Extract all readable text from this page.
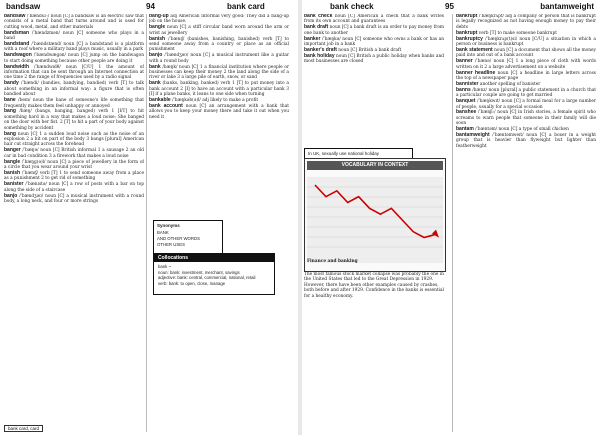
bandsaw	94	bank card	bank check	95	bantamweight

bandsaw /ˈbændsɔː/ noun [C] a bandsaw is an electric saw that consists of a metal band that turns around and is used for cutting wood, metal, and other materials

bandsman /ˈbændzmən/ noun [C] someone who plays in a band

bandstand /ˈbændstænd/ noun [C] a bandstand is a platform with a roof where a military band plays music, usually in a park

bandwagon /ˈbændwæɡən/ noun [C] jump on the bandwagon to start doing something because other people are doing it

bandwidth /ˈbændwɪdθ/ noun [C/U] 1 the amount of information that can be sent through an Internet connection at one time 2 the range of frequencies used by a radio signal

bandy /ˈbændi/ (bandies, bandying, bandied) verb [T] to talk about something in an informal way: a figure that is often bandied about

bane /beɪn/ noun the bane of someone's life something that frequently makes them feel unhappy or annoyed

bang /bæŋ/ (bangs, banging, banged) verb 1 [I/T] to hit something hard in a way that makes a loud noise: She banged on the door with her fist. 2 [T] to hit a part of your body against something by accident

bang noun [C] 1 a sudden loud noise such as the noise of an explosion 2 a hit on part of the body 3 bangs [plural] American hair cut straight across the forehead

banger /ˈbæŋə/ noun [C] British informal 1 a sausage 2 an old car in bad condition 3 a firework that makes a loud noise

bangle /ˈbæŋɡ(ə)l/ noun [C] a piece of jewellery in the form of a circle that you wear around your wrist

banish /ˈbænɪʃ/ verb [T] 1 to send someone away from a place as a punishment 2 to get rid of something

banister /ˈbænɪstə/ noun [C] a row of posts with a bar on top along the side of a staircase

banjo /ˈbændʒəʊ/ noun [C] a musical instrument with a round body, a long neck, and four or more strings

bank card, card

bang-up adj American informal very good: They did a bang-up job on the house.

bangle noun [C] a stiff circular band worn around the arm or wrist as jewellery

banish /ˈbænɪʃ/ (banishes, banishing, banished) verb [T] to send someone away from a country or place as an official punishment

banjo /ˈbændʒəʊ/ noun [C] a musical instrument like a guitar with a round body

bank /bæŋk/ noun [C] 1 a financial institution where people or businesses can keep their money 2 the land along the side of a river or lake 3 a large pile of earth, snow, or sand

bank (banks, banking, banked) verb 1 [T] to put money into a bank account 2 [I] to have an account with a particular bank 3 [I] if a plane banks, it leans to one side when turning

bankable /ˈbæŋkəb(ə)l/ adj likely to make a profit

bank account noun [C] an arrangement with a bank that allows you to keep your money there and take it out when you need it

Synonyms
BANK
AND OTHER WORDS
OTHER USES
Collocations
bank ~
noun: bank: investment, merchant, savings
adjective: bank: central, commercial, national, retail
verb: bank: to open, close, manage

bank check noun [C] American a check that a bank writes from its own account and guarantees

bank draft noun [C] a bank draft is an order to pay money from one bank to another

banker /ˈbæŋkə/ noun [C] someone who owns a bank or has an important job in a bank

banker's draft noun [C] British a bank draft

bank holiday noun [C] British a public holiday when banks and most businesses are closed

In UK, sexually use national holiday
VOCABULARY IN CONTEXT
Finance and banking
The most famous stock market collapse was probably the one in the United States that led to the Great Depression in 1929. However, there have been other examples caused by crashes, both before and after 1929. Confidence in the banks is essential for a healthy economy.

bankrupt /ˈbæŋkrʌpt/ adj a company or person that is bankrupt is legally recognized as not having enough money to pay their debts

bankrupt verb [T] to make someone bankrupt

bankruptcy /ˈbæŋkrʌp(t)si/ noun [C/U] a situation in which a person or business is bankrupt

bank statement noun [C] a document that shows all the money paid into and out of a bank account

banner /ˈbænə/ noun [C] 1 a long piece of cloth with words written on it 2 a large advertisement on a website

banner headline noun [C] a headline in large letters across the top of a newspaper page

bannister another spelling of banister

banns /bænz/ noun [plural] a public statement in a church that a particular couple are going to get married

banquet /ˈbæŋkwɪt/ noun [C] a formal meal for a large number of people, usually for a special occasion

banshee /ˈbænʃiː/ noun [C] in Irish stories, a female spirit who screams to warn people that someone in their family will die soon

bantam /ˈbæntəm/ noun [C] a type of small chicken

bantamweight /ˈbæntəmweɪt/ noun [C] a boxer in a weight group that is heavier than flyweight but lighter than featherweight
